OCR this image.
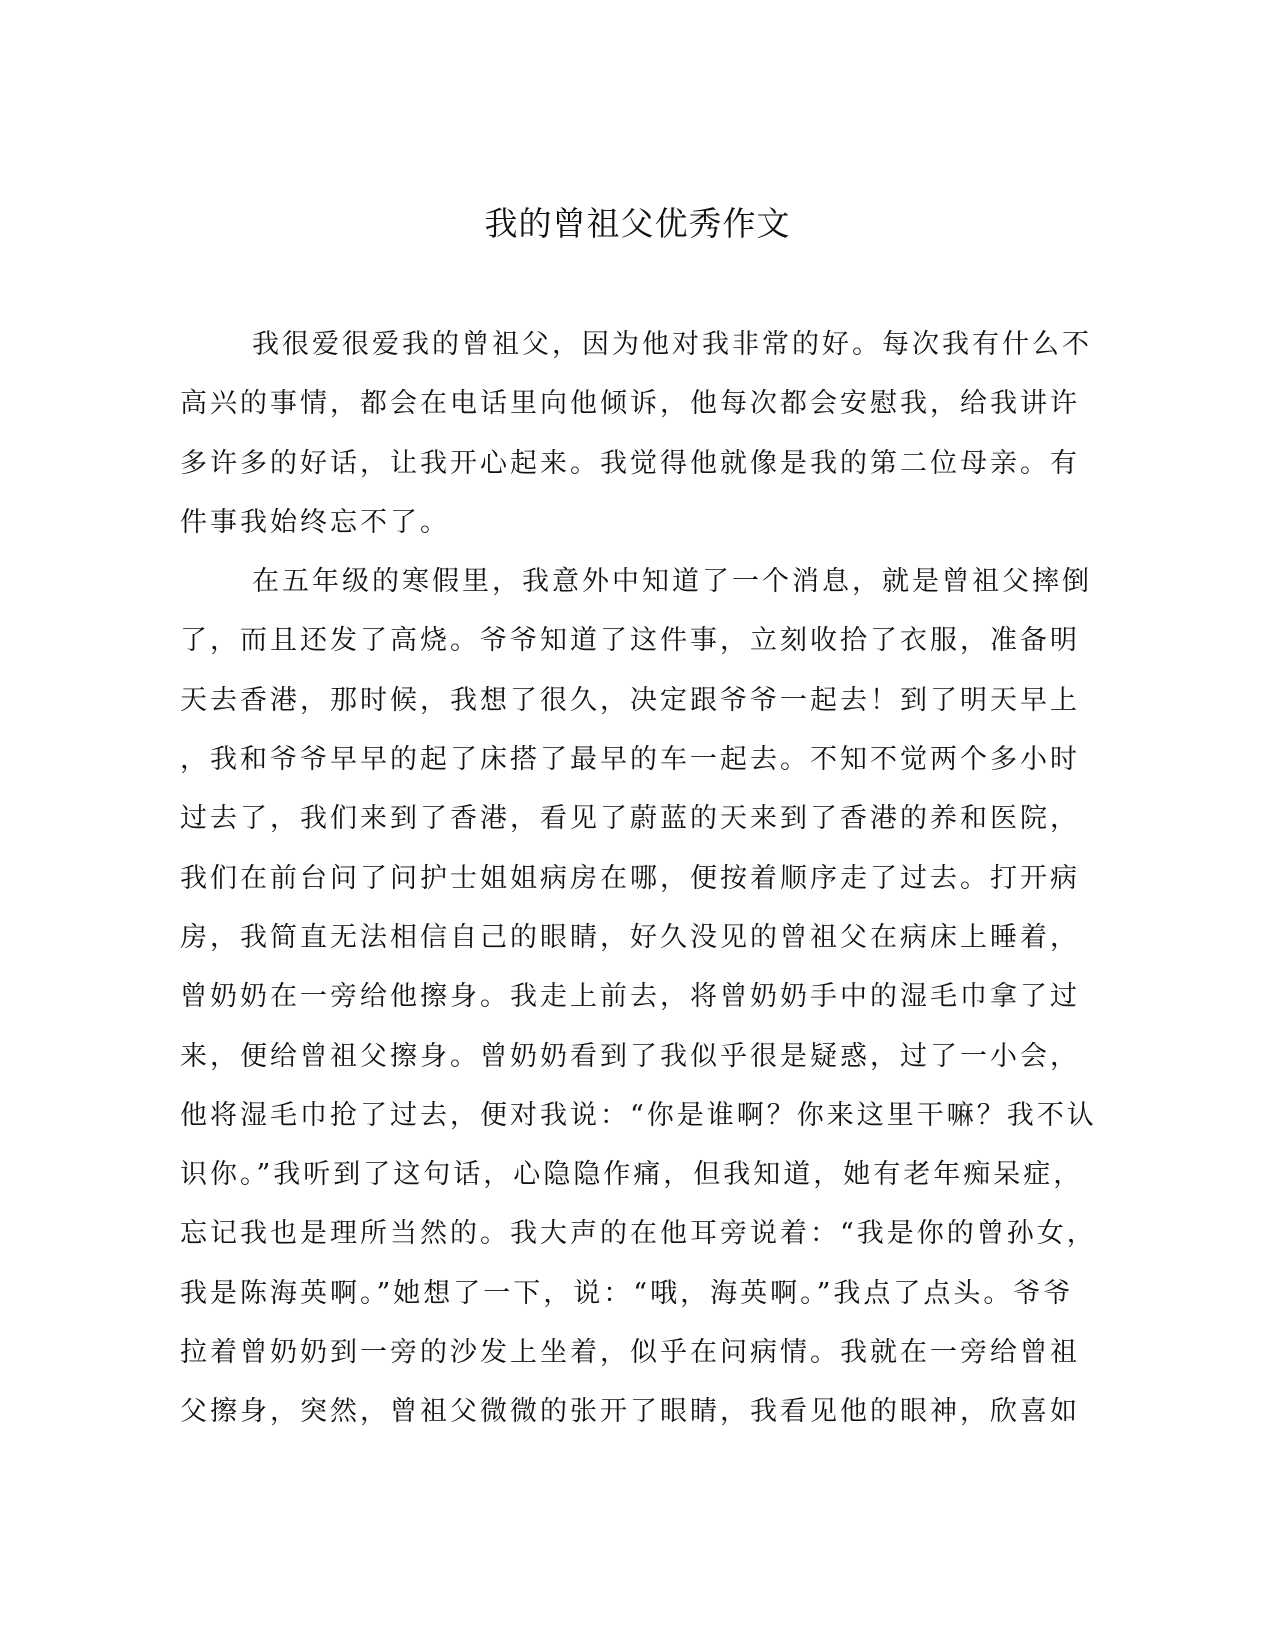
我的曾祖父优秀作文

我很爱很爱我的曾祖父，因为他对我非常的好。每次我有什么不

高兴的事情，都会在电话里向他倾诉，他每次都会安慰我，给我讲许

多许多的好话，让我开心起来。我觉得他就像是我的第二位母亲。有

件事我始终忘不了。

在五年级的寒假里，我意外中知道了一个消息，就是曾祖父摔倒

了，而且还发了高烧。爷爷知道了这件事，立刻收拾了衣服，准备明

天去香港，那时候，我想了很久，决定跟爷爷一起去！到了明天早上

，我和爷爷早早的起了床搭了最早的车一起去。不知不觉两个多小时

过去了，我们来到了香港，看见了蔚蓝的天来到了香港的养和医院，

我们在前台问了问护士姐姐病房在哪，便按着顺序走了过去。打开病

房，我简直无法相信自己的眼睛，好久没见的曾祖父在病床上睡着，

曾奶奶在一旁给他擦身。我走上前去，将曾奶奶手中的湿毛巾拿了过

来，便给曾祖父擦身。曾奶奶看到了我似乎很是疑惑，过了一小会，

他将湿毛巾抢了过去，便对我说：“你是谁啊？你来这里干嘛？我不认

识你。”我听到了这句话，心隐隐作痛，但我知道，她有老年痴呆症，

忘记我也是理所当然的。我大声的在他耳旁说着：“我是你的曾孙女，

我是陈海英啊。”她想了一下，说：“哦，海英啊。”我点了点头。爷爷

拉着曾奶奶到一旁的沙发上坐着，似乎在问病情。我就在一旁给曾祖

父擦身，突然，曾祖父微微的张开了眼睛，我看见他的眼神，欣喜如
